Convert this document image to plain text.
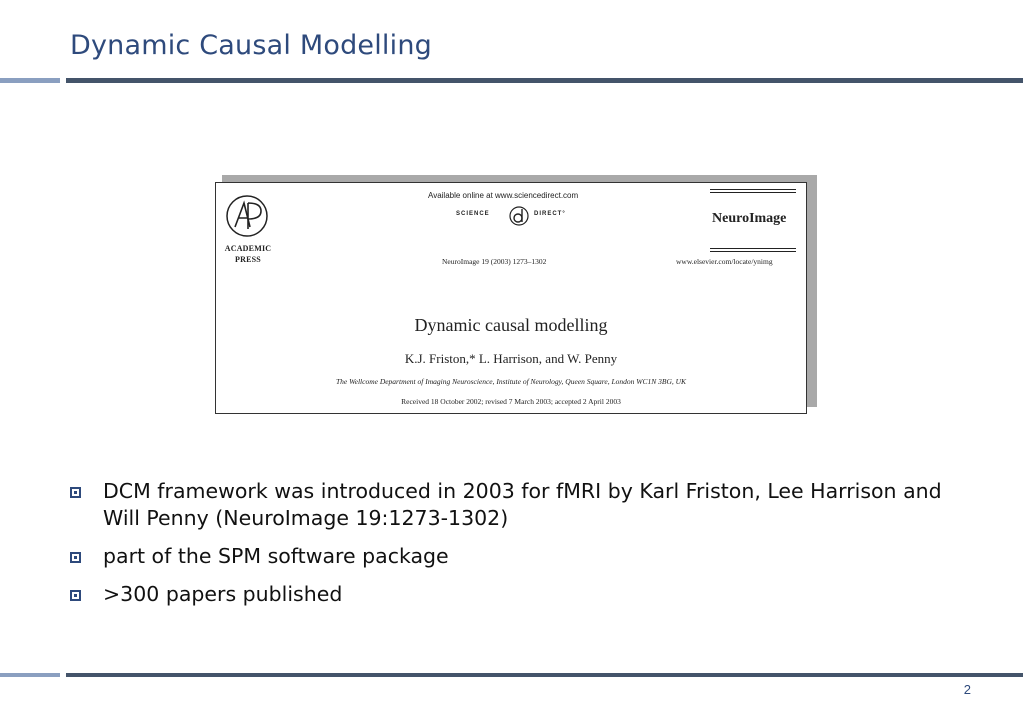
Dynamic Causal Modelling
ACADEMIC PRESS
Available online at www.sciencedirect.com
SCIENCE	DIRECT°
NeuroImage 19 (2003) 1273–1302
NeuroImage
www.elsevier.com/locate/ynimg
Dynamic causal modelling
K.J. Friston,* L. Harrison, and W. Penny
The Wellcome Department of Imaging Neuroscience, Institute of Neurology, Queen Square, London WC1N 3BG, UK
Received 18 October 2002; revised 7 March 2003; accepted 2 April 2003
DCM framework was introduced in 2003 for fMRI by Karl Friston, Lee Harrison and Will Penny (NeuroImage 19:1273-1302)
part of the SPM software package
>300 papers published
2
